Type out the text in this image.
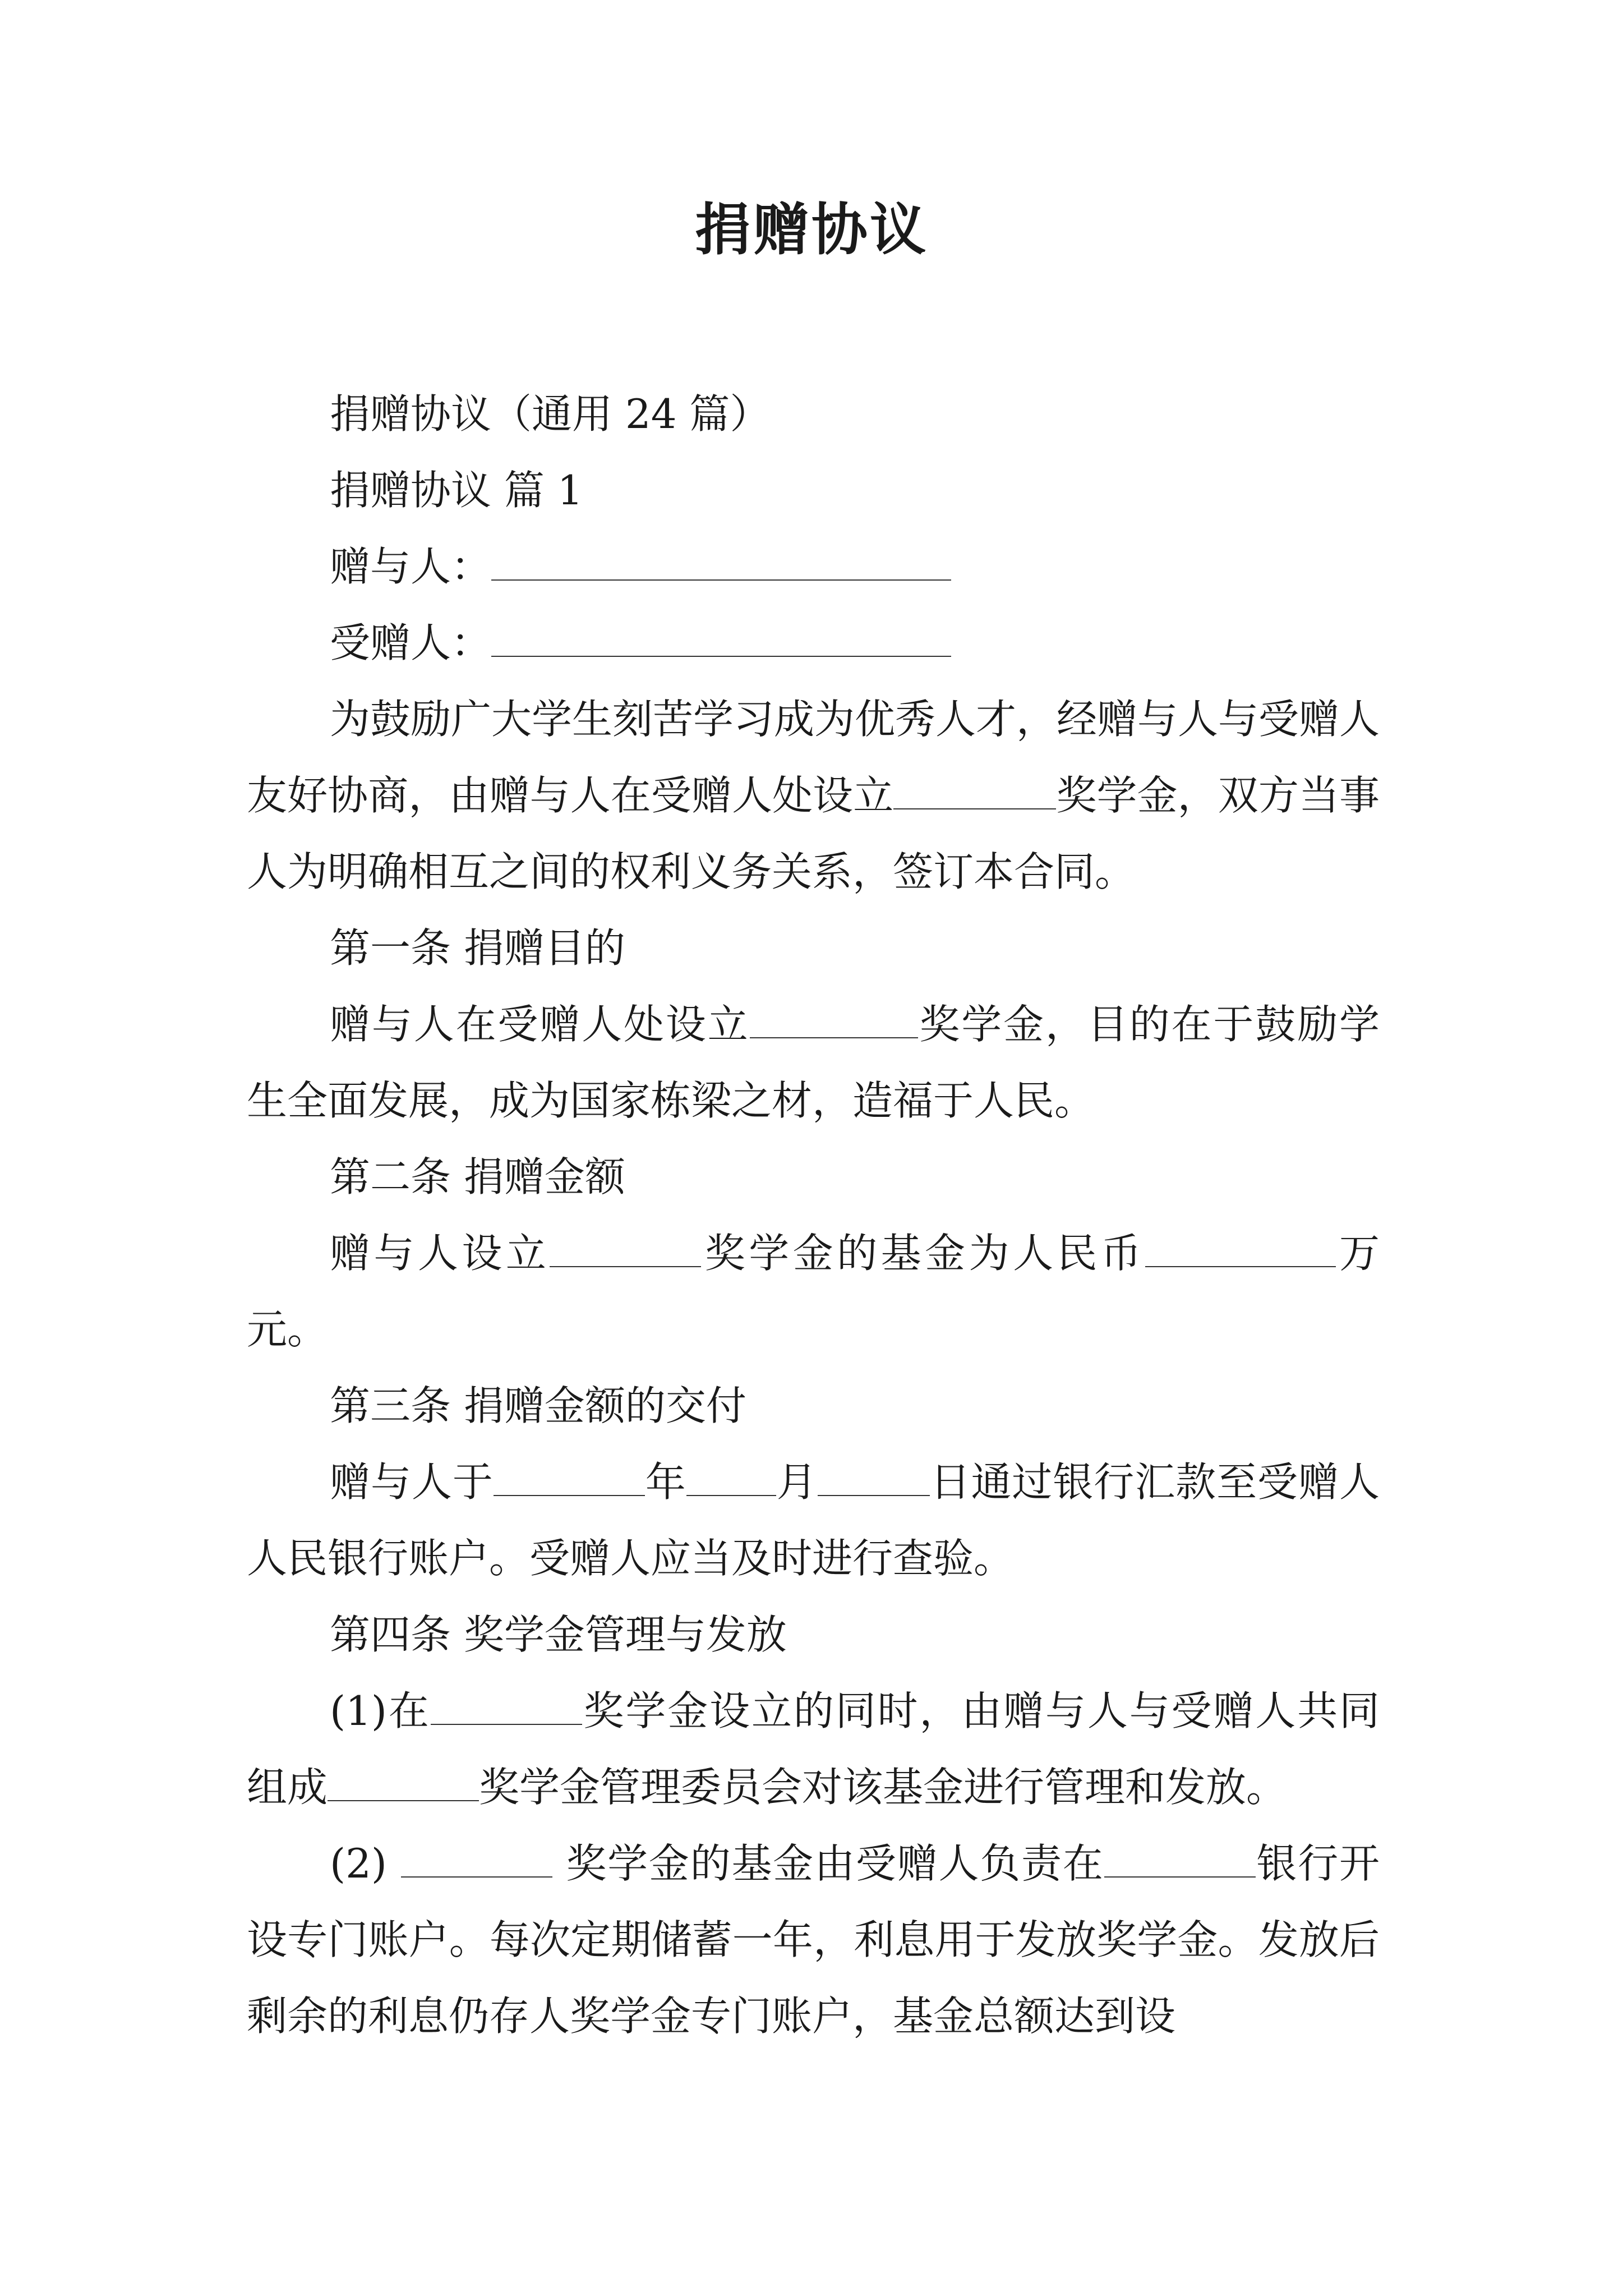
捐赠协议

捐赠协议（通用 24 篇）

捐赠协议 篇 1

赠与人：

受赠人：

为鼓励广大学生刻苦学习成为优秀人才，经赠与人与受赠人友好协商，由赠与人在受赠人处设立	奖学金，双方当事人为明确相互之间的权利义务关系，签订本合同。

第一条 捐赠目的

赠与人在受赠人处设立	奖学金，目的在于鼓励学生全面发展，成为国家栋梁之材，造福于人民。

第二条 捐赠金额

赠与人设立	奖学金的基金为人民币	万元。

第三条 捐赠金额的交付

赠与人于	年 月	日通过银行汇款至受赠人人民银行账户。受赠人应当及时进行查验。

第四条 奖学金管理与发放

(1)在	奖学金设立的同时，由赠与人与受赠人共同组成	奖学金管理委员会对该基金进行管理和发放。

(2)	奖学金的基金由受赠人负责在	银行开设专门账户。每次定期储蓄一年，利息用于发放奖学金。发放后剩余的利息仍存人奖学金专门账户，基金总额达到设
